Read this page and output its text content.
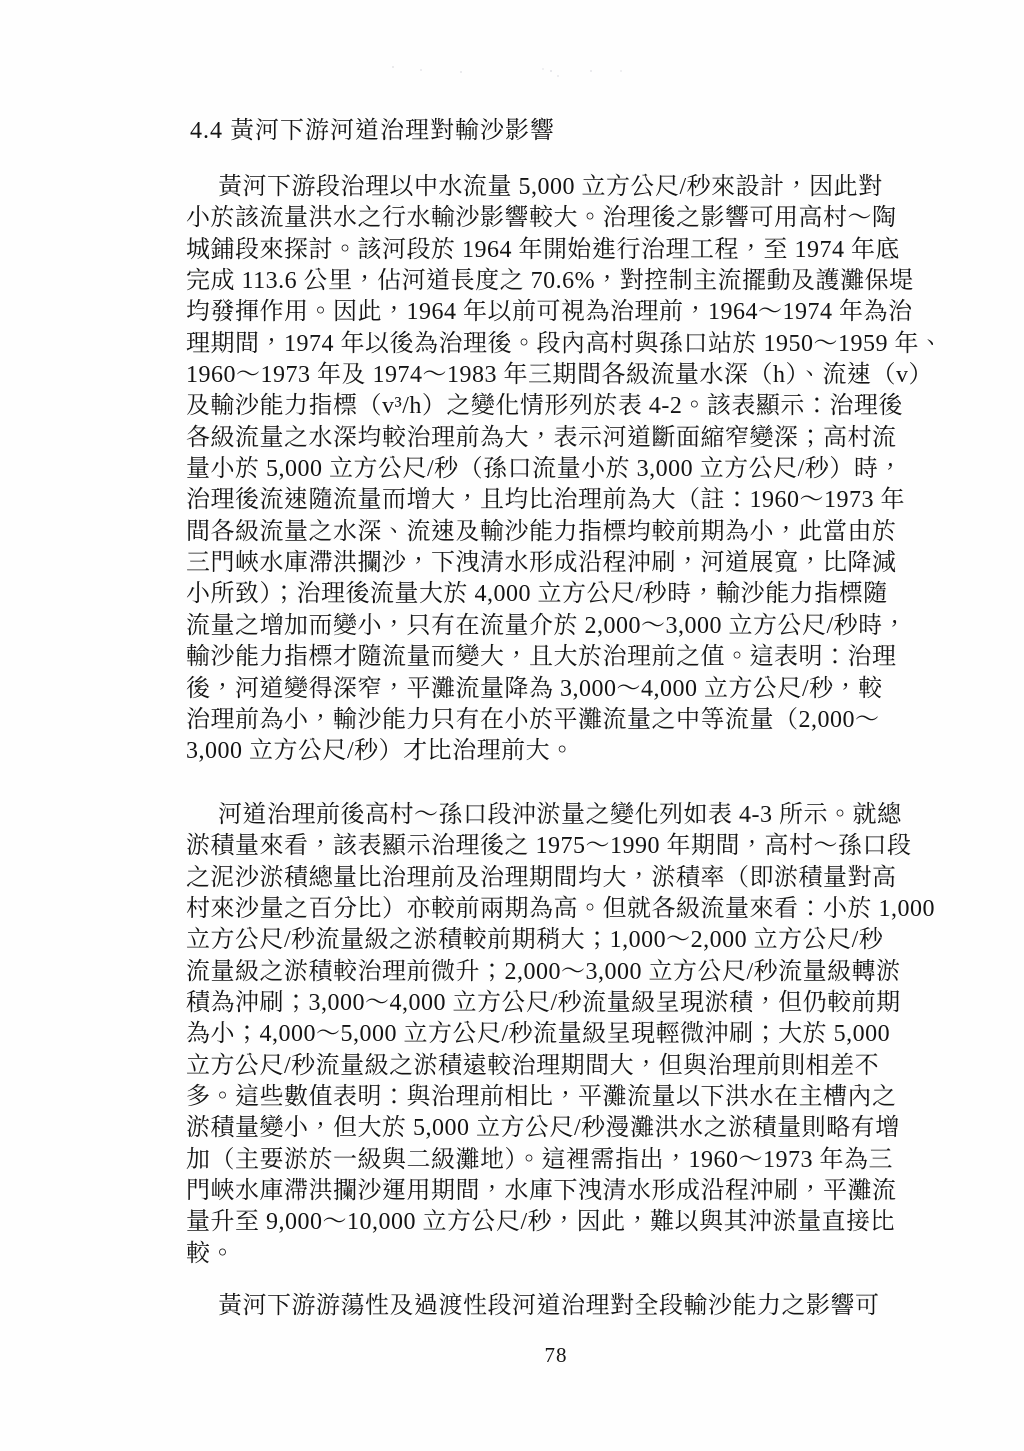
4.4 黃河下游河道治理對輸沙影響
黃河下游段治理以中水流量 5,000 立方公尺/秒來設計，因此對
小於該流量洪水之行水輸沙影響較大。治理後之影響可用高村～陶
城鋪段來探討。該河段於 1964 年開始進行治理工程，至 1974 年底
完成 113.6 公里，佔河道長度之 70.6%，對控制主流擺動及護灘保堤
均發揮作用。因此，1964 年以前可視為治理前，1964～1974 年為治
理期間，1974 年以後為治理後。段內高村與孫口站於 1950～1959 年、
1960～1973 年及 1974～1983 年三期間各級流量水深（h）、流速（v）
及輸沙能力指標（v³/h）之變化情形列於表 4-2。該表顯示：治理後
各級流量之水深均較治理前為大，表示河道斷面縮窄變深；高村流
量小於 5,000 立方公尺/秒（孫口流量小於 3,000 立方公尺/秒）時，
治理後流速隨流量而增大，且均比治理前為大（註：1960～1973 年
間各級流量之水深、流速及輸沙能力指標均較前期為小，此當由於
三門峽水庫滯洪攔沙，下洩清水形成沿程沖刷，河道展寬，比降減
小所致）；治理後流量大於 4,000 立方公尺/秒時，輸沙能力指標隨
流量之增加而變小，只有在流量介於 2,000～3,000 立方公尺/秒時，
輸沙能力指標才隨流量而變大，且大於治理前之值。這表明：治理
後，河道變得深窄，平灘流量降為 3,000～4,000 立方公尺/秒，較
治理前為小，輸沙能力只有在小於平灘流量之中等流量（2,000～
3,000 立方公尺/秒）才比治理前大。
河道治理前後高村～孫口段沖淤量之變化列如表 4-3 所示。就總
淤積量來看，該表顯示治理後之 1975～1990 年期間，高村～孫口段
之泥沙淤積總量比治理前及治理期間均大，淤積率（即淤積量對高
村來沙量之百分比）亦較前兩期為高。但就各級流量來看：小於 1,000
立方公尺/秒流量級之淤積較前期稍大；1,000～2,000 立方公尺/秒
流量級之淤積較治理前微升；2,000～3,000 立方公尺/秒流量級轉淤
積為沖刷；3,000～4,000 立方公尺/秒流量級呈現淤積，但仍較前期
為小；4,000～5,000 立方公尺/秒流量級呈現輕微沖刷；大於 5,000
立方公尺/秒流量級之淤積遠較治理期間大，但與治理前則相差不
多。這些數值表明：與治理前相比，平灘流量以下洪水在主槽內之
淤積量變小，但大於 5,000 立方公尺/秒漫灘洪水之淤積量則略有增
加（主要淤於一級與二級灘地）。這裡需指出，1960～1973 年為三
門峽水庫滯洪攔沙運用期間，水庫下洩清水形成沿程沖刷，平灘流
量升至 9,000～10,000 立方公尺/秒，因此，難以與其沖淤量直接比
較。
黃河下游游蕩性及過渡性段河道治理對全段輸沙能力之影響可
78
